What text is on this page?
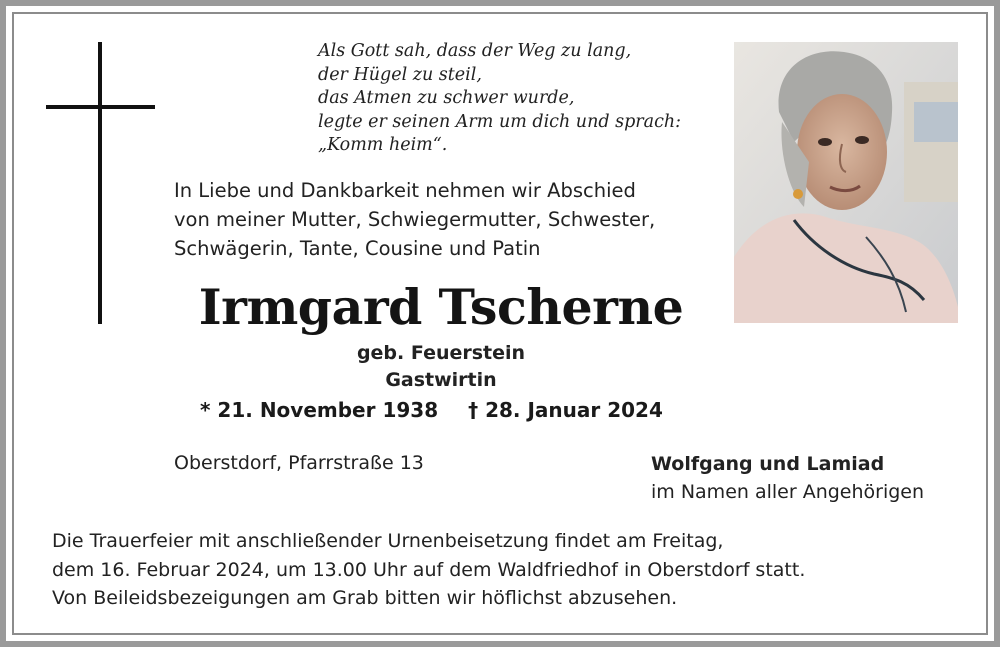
Als Gott sah, dass der Weg zu lang,
der Hügel zu steil,
das Atmen zu schwer wurde,
legte er seinen Arm um dich und sprach:
„Komm heim“.
In Liebe und Dankbarkeit nehmen wir Abschied
von meiner Mutter, Schwiegermutter, Schwester,
Schwägerin, Tante, Cousine und Patin
Irmgard Tscherne
geb. Feuerstein
Gastwirtin
* 21. November 1938 † 28. Januar 2024
Oberstdorf, Pfarrstraße 13	Wolfgang und Lamiad
im Namen aller Angehörigen
Die Trauerfeier mit anschließender Urnenbeisetzung findet am Freitag,
dem 16. Februar 2024, um 13.00 Uhr auf dem Waldfriedhof in Oberstdorf statt.
Von Beileidsbezeigungen am Grab bitten wir höflichst abzusehen.
